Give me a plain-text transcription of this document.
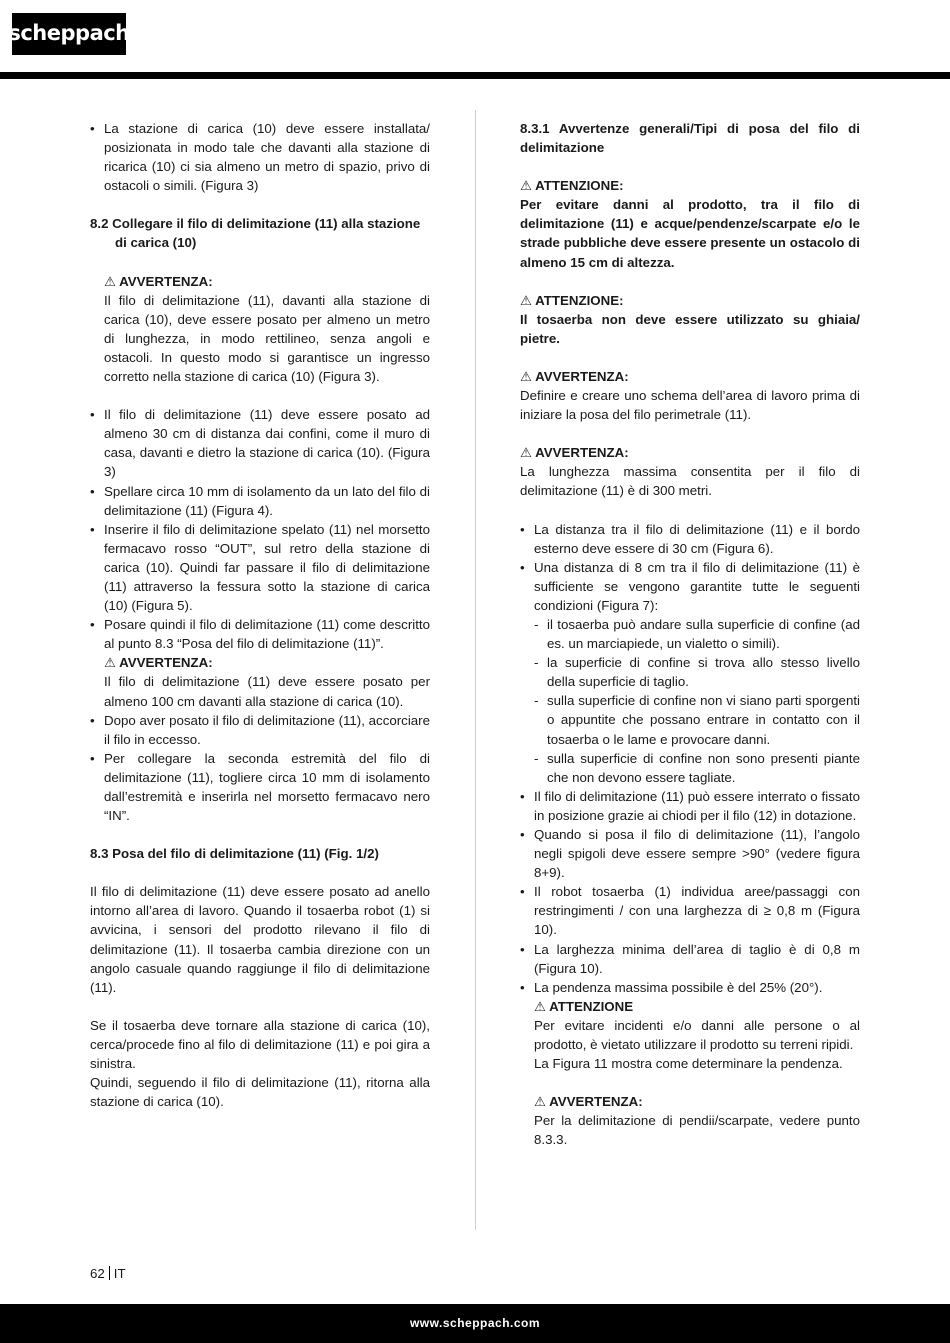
scheppach
• La stazione di carica (10) deve essere installata/ posizionata in modo tale che davanti alla stazione di ricarica (10) ci sia almeno un metro di spazio, privo di ostacoli o simili. (Figura 3)

8.2 Collegare il filo di delimitazione (11) alla stazione di carica (10)

⚠ AVVERTENZA:

Il filo di delimitazione (11), davanti alla stazione di carica (10), deve essere posato per almeno un metro di lunghezza, in modo rettilineo, senza angoli e ostacoli. In questo modo si garantisce un ingresso corretto nella stazione di carica (10) (Figura 3).

• Il filo di delimitazione (11) deve essere posato ad almeno 30 cm di distanza dai confini, come il muro di casa, davanti e dietro la stazione di carica (10). (Figura 3)
• Spellare circa 10 mm di isolamento da un lato del filo di delimitazione (11) (Figura 4).
• Inserire il filo di delimitazione spelato (11) nel morsetto fermacavo rosso “OUT”, sul retro della stazione di carica (10). Quindi far passare il filo di delimitazione (11) attraverso la fessura sotto la stazione di carica (10) (Figura 5).
• Posare quindi il filo di delimitazione (11) come descritto al punto 8.3 “Posa del filo di delimitazione (11)”.
⚠ AVVERTENZA:
Il filo di delimitazione (11) deve essere posato per almeno 100 cm davanti alla stazione di carica (10).
• Dopo aver posato il filo di delimitazione (11), accorciare il filo in eccesso.
• Per collegare la seconda estremità del filo di delimitazione (11), togliere circa 10 mm di isolamento dall’estremità e inserirla nel morsetto fermacavo nero “IN”.

8.3 Posa del filo di delimitazione (11) (Fig. 1/2)

Il filo di delimitazione (11) deve essere posato ad anello intorno all’area di lavoro. Quando il tosaerba robot (1) si avvicina, i sensori del prodotto rilevano il filo di delimitazione (11). Il tosaerba cambia direzione con un angolo casuale quando raggiunge il filo di delimitazione (11).

Se il tosaerba deve tornare alla stazione di carica (10), cerca/procede fino al filo di delimitazione (11) e poi gira a sinistra.

Quindi, seguendo il filo di delimitazione (11), ritorna alla stazione di carica (10).

8.3.1 Avvertenze generali/Tipi di posa del filo di delimitazione

⚠ ATTENZIONE:

Per evitare danni al prodotto, tra il filo di delimitazione (11) e acque/pendenze/scarpate e/o le strade pubbliche deve essere presente un ostacolo di almeno 15 cm di altezza.

⚠ ATTENZIONE:

Il tosaerba non deve essere utilizzato su ghiaia/ pietre.

⚠ AVVERTENZA:

Definire e creare uno schema dell’area di lavoro prima di iniziare la posa del filo perimetrale (11).

⚠ AVVERTENZA:

La lunghezza massima consentita per il filo di delimitazione (11) è di 300 metri.

• La distanza tra il filo di delimitazione (11) e il bordo esterno deve essere di 30 cm (Figura 6).
• Una distanza di 8 cm tra il filo di delimitazione (11) è sufficiente se vengono garantite tutte le seguenti condizioni (Figura 7):
- il tosaerba può andare sulla superficie di confine (ad es. un marciapiede, un vialetto o simili).
- la superficie di confine si trova allo stesso livello della superficie di taglio.
- sulla superficie di confine non vi siano parti sporgenti o appuntite che possano entrare in contatto con il tosaerba o le lame e provocare danni.
- sulla superficie di confine non sono presenti piante che non devono essere tagliate.
• Il filo di delimitazione (11) può essere interrato o fissato in posizione grazie ai chiodi per il filo (12) in dotazione.
• Quando si posa il filo di delimitazione (11), l’angolo negli spigoli deve essere sempre >90° (vedere figura 8+9).
• Il robot tosaerba (1) individua aree/passaggi con restringimenti / con una larghezza di ≥ 0,8 m (Figura 10).
• La larghezza minima dell’area di taglio è di 0,8 m (Figura 10).
• La pendenza massima possibile è del 25% (20°).
⚠ ATTENZIONE
Per evitare incidenti e/o danni alle persone o al prodotto, è vietato utilizzare il prodotto su terreni ripidi.
La Figura 11 mostra come determinare la pendenza.

⚠ AVVERTENZA:

Per la delimitazione di pendii/scarpate, vedere punto 8.3.3.

62 IT
www.scheppach.com
